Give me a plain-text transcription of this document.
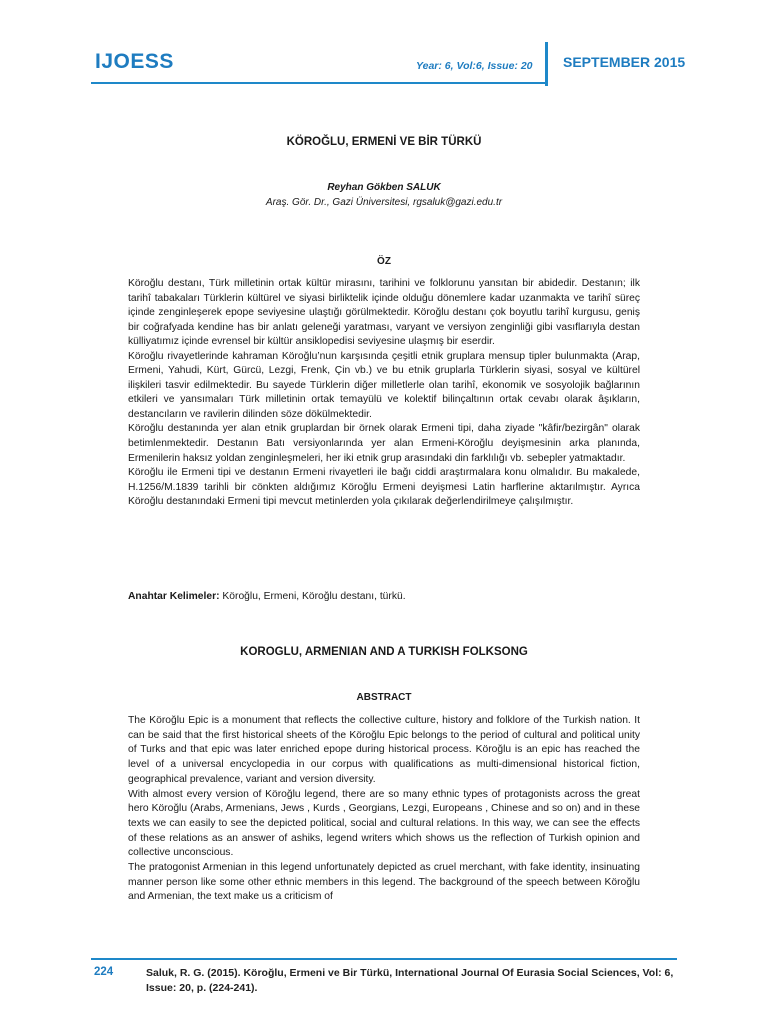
IJOESS	Year: 6, Vol:6, Issue: 20 SEPTEMBER 2015
KÖROĞLU, ERMENİ VE BİR TÜRKÜ
Reyhan Gökben SALUK
Araş. Gör. Dr., Gazi Üniversitesi, rgsaluk@gazi.edu.tr
ÖZ

Köroğlu destanı, Türk milletinin ortak kültür mirasını, tarihini ve folklorunu yansıtan bir abidedir. Destanın; ilk tarihî tabakaları Türklerin kültürel ve siyasi birliktelik içinde olduğu dönemlere kadar uzanmakta ve tarihî süreç içinde zenginleşerek epope seviyesine ulaştığı görülmektedir. Köroğlu destanı çok boyutlu tarihî kurgusu, geniş bir coğrafyada kendine has bir anlatı geleneği yaratması, varyant ve versiyon zenginliği gibi vasıflarıyla destan külliyatımız içinde evrensel bir kültür ansiklopedisi seviyesine ulaşmış bir eserdir.

Köroğlu rivayetlerinde kahraman Köroğlu’nun karşısında çeşitli etnik gruplara mensup tipler bulunmakta (Arap, Ermeni, Yahudi, Kürt, Gürcü, Lezgi, Frenk, Çin vb.) ve bu etnik gruplarla Türklerin siyasi, sosyal ve kültürel ilişkileri tasvir edilmektedir. Bu sayede Türklerin diğer milletlerle olan tarihî, ekonomik ve sosyolojik bağlarının etkileri ve yansımaları Türk milletinin ortak temayülü ve kolektif bilinçaltının ortak cevabı olarak âşıkların, destancıların ve ravilerin dilinden söze dökülmektedir.

Köroğlu destanında yer alan etnik gruplardan bir örnek olarak Ermeni tipi, daha ziyade "kâfir/bezirgân" olarak betimlenmektedir. Destanın Batı versiyonlarında yer alan Ermeni-Köroğlu deyişmesinin arka planında, Ermenilerin haksız yoldan zenginleşmeleri, her iki etnik grup arasındaki din farklılığı vb. sebepler yatmaktadır.

Köroğlu ile Ermeni tipi ve destanın Ermeni rivayetleri ile bağı ciddi araştırmalara konu olmalıdır. Bu makalede, H.1256/M.1839 tarihli bir cönkten aldığımız Köroğlu Ermeni deyişmesi Latin harflerine aktarılmıştır. Ayrıca Köroğlu destanındaki Ermeni tipi mevcut metinlerden yola çıkılarak değerlendirilmeye çalışılmıştır.

Anahtar Kelimeler: Köroğlu, Ermeni, Köroğlu destanı, türkü.
KOROGLU, ARMENIAN AND A TURKISH FOLKSONG
ABSTRACT

The Köroğlu Epic is a monument that reflects the collective culture, history and folklore of the Turkish nation. It can be said that the first historical sheets of the Köroğlu Epic belongs to the period of cultural and political unity of Turks and that epic was later enriched epope during historical process. Köroğlu is an epic has reached the level of a universal encyclopedia in our corpus with qualifications as multi-dimensional historical fiction, geographical prevalence, variant and version diversity.

With almost every version of Köroğlu legend, there are so many ethnic types of protagonists across the great hero Köroğlu (Arabs, Armenians, Jews , Kurds , Georgians, Lezgi, Europeans , Chinese and so on) and in these texts we can easily to see the depicted political, social and cultural relations. In this way, we can see the effects of these relations as an answer of ashiks, legend writers which shows us the reflection of Turkish opinion and collective unconscious.

The pratogonist Armenian in this legend unfortunately depicted as cruel merchant, with fake identity, insinuating manner person like some other ethnic members in this legend. The background of the speech between Köroğlu and Armenian, the text make us a criticism of

224	Saluk, R. G. (2015). Köroğlu, Ermeni ve Bir Türkü, International Journal Of Eurasia Social Sciences, Vol: 6, Issue: 20, p. (224-241).
